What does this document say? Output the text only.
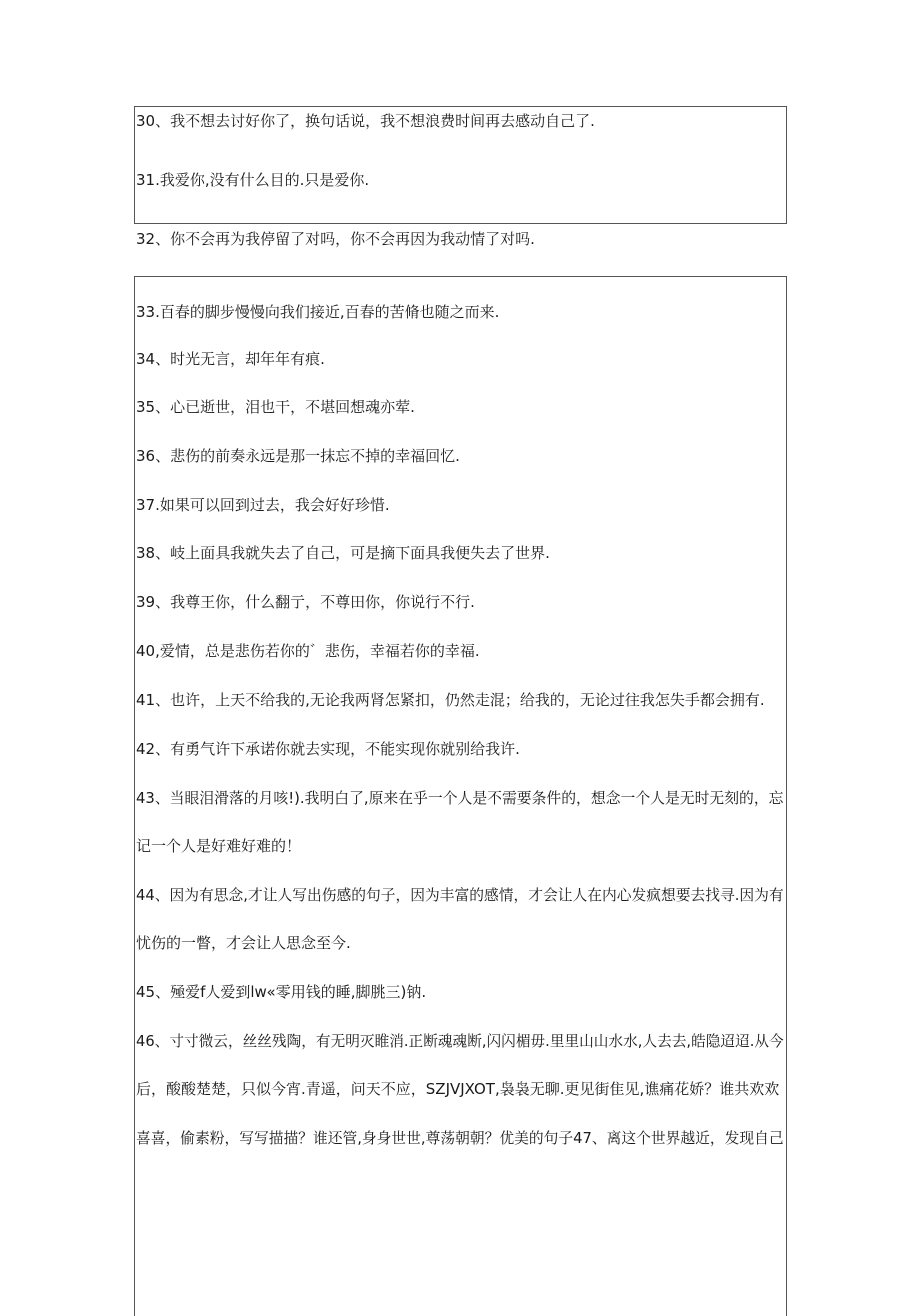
30、我不想去讨好你了，换句话说，我不想浪费时间再去感动自己了.
31.我爱你,没有什么目的.只是爱你.
32、你不会再为我停留了对吗，你不会再因为我动情了对吗.
33.百春的脚步慢慢向我们接近,百春的苦脩也随之而来.
34、时光无言，却年年有痕.
35、心已逝世，泪也干，不堪回想魂亦荤.
36、悲伤的前奏永远是那一抹忘不掉的幸福回忆.
37.如果可以回到过去，我会好好珍惜.
38、岐上面具我就失去了自己，可是摘下面具我便失去了世界.
39、我尊王你，什么翻亍，不尊田你，你说行不行.
40,爱情，总是悲伤若你的゛悲伤，幸福若你的幸福.
41、也许，上天不给我的,无论我两肾怎紧扣，仍然走混；给我的，无论过往我怎失手都会拥有.
42、有勇气许下承诺你就去实现，不能实现你就别给我许.
43、当眼泪滑落的月咳!).我明白了,原来在乎一个人是不需要条件的，想念一个人是无时无刻的，忘
记一个人是好难好难的！
44、因为有思念,才让人写出伤感的句子，因为丰富的感情，才会让人在内心发疯想要去找寻.因为有
忧伤的一瞥，才会让人思念至今.
45、殛爱f人爱到lw«零用钱的睡,脚朓三)钠.
46、寸寸微云，丝丝残陶，有无明灭睢消.正断魂魂断,闪闪楣毋.里里山山水水,人去去,皓隐迢迢.从今
后，酸酸楚楚，只似今宵.青遥，问天不应，SZJVJXOT,袅袅无聊.更见街隹见,谯痛花娇？谁共欢欢
喜喜，偷素粉，写写描描？谁还管,身身世世,尊荡朝朝？优美的句子47、离这个世界越近，发现自己
